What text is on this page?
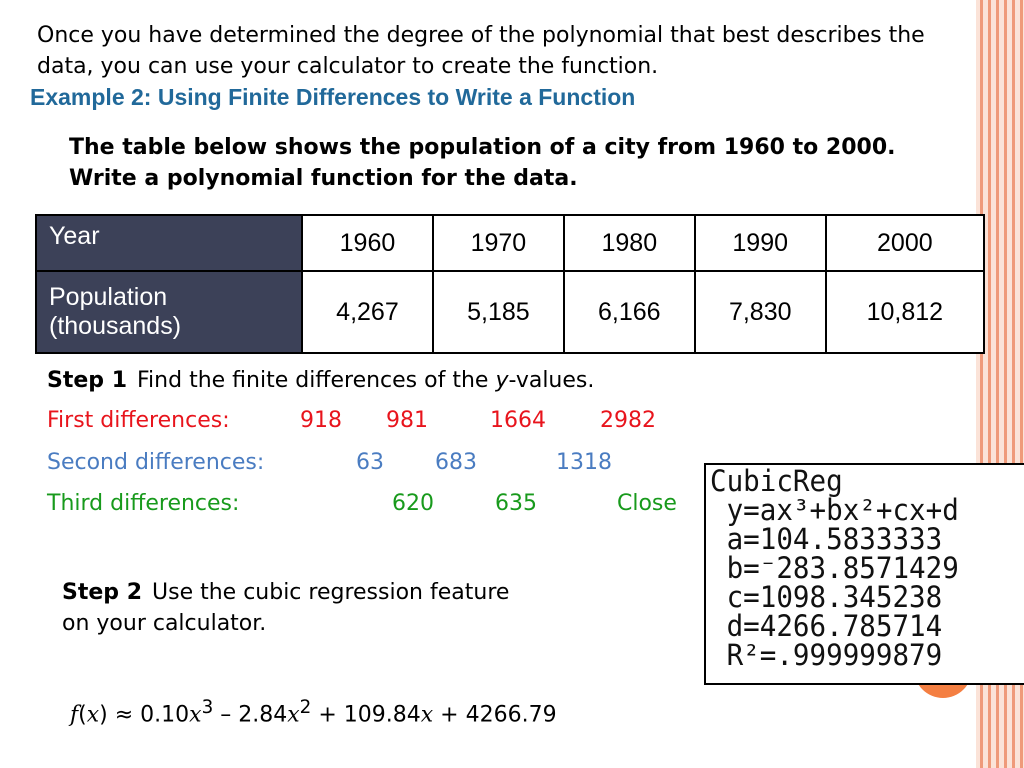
Once you have determined the degree of the polynomial that best describes the data, you can use your calculator to create the function.
Example 2: Using Finite Differences to Write a Function
The table below shows the population of a city from 1960 to 2000. Write a polynomial function for the data.
Year	1960	1970	1980	1990	2000
Population (thousands)	4,267	5,185	6,166	7,830	10,812
Step 1 Find the finite differences of the y-values.
First differences:	918 981	1664 2982
Second differences:	63 683	1318
Third differences:	620	635	Close
Step 2 Use the cubic regression feature on your calculator.
CubicReg
y=ax³+bx²+cx+d
a=104.5833333
b=⁻283.8571429
c=1098.345238
d=4266.785714
R²=.999999879
$f(x) \approx 0.10x^3 - 2.84x^2 + 109.84x + 4266.79$
